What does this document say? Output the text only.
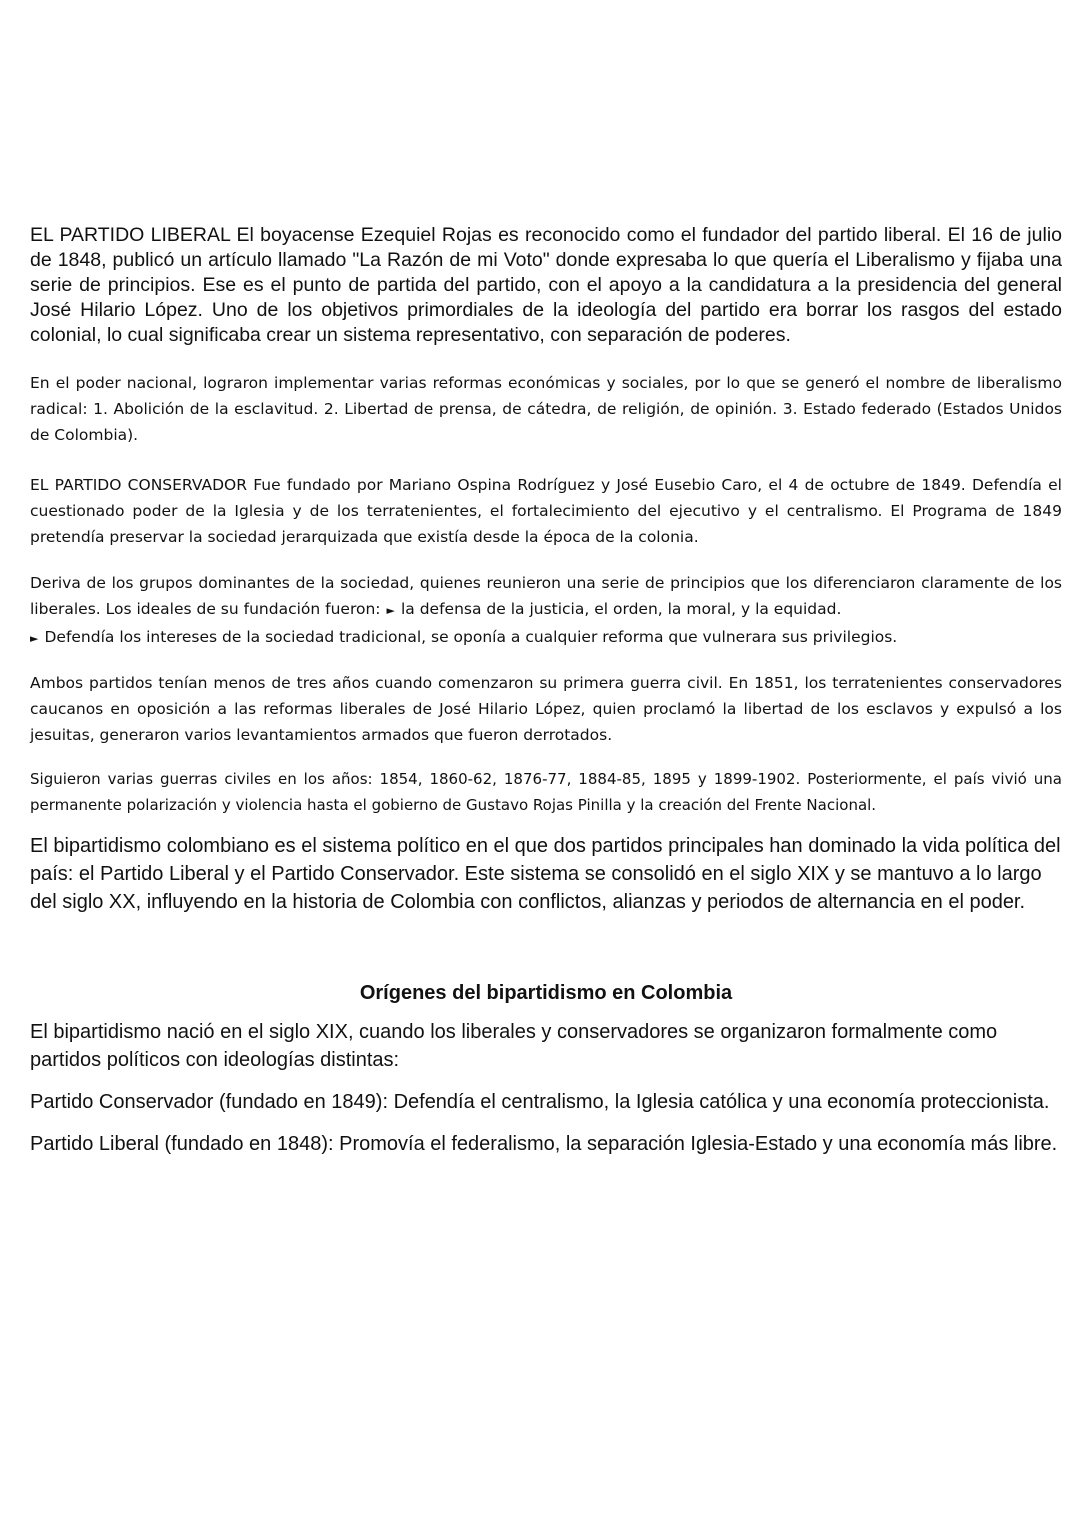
EL PARTIDO LIBERAL El boyacense Ezequiel Rojas es reconocido como el fundador del partido liberal. El 16 de julio de 1848, publicó un artículo llamado "La Razón de mi Voto" donde expresaba lo que quería el Liberalismo y fijaba una serie de principios. Ese es el punto de partida del partido, con el apoyo a la candidatura a la presidencia del general José Hilario López. Uno de los objetivos primordiales de la ideología del partido era borrar los rasgos del estado colonial, lo cual significaba crear un sistema representativo, con separación de poderes.

En el poder nacional, lograron implementar varias reformas económicas y sociales, por lo que se generó el nombre de liberalismo radical: 1. Abolición de la esclavitud. 2. Libertad de prensa, de cátedra, de religión, de opinión. 3. Estado federado (Estados Unidos de Colombia).

EL PARTIDO CONSERVADOR Fue fundado por Mariano Ospina Rodríguez y José Eusebio Caro, el 4 de octubre de 1849. Defendía el cuestionado poder de la Iglesia y de los terratenientes, el fortalecimiento del ejecutivo y el centralismo. El Programa de 1849 pretendía preservar la sociedad jerarquizada que existía desde la época de la colonia.

Deriva de los grupos dominantes de la sociedad, quienes reunieron una serie de principios que los diferenciaron claramente de los liberales. Los ideales de su fundación fueron: ► la defensa de la justicia, el orden, la moral, y la equidad.
► Defendía los intereses de la sociedad tradicional, se oponía a cualquier reforma que vulnerara sus privilegios.

Ambos partidos tenían menos de tres años cuando comenzaron su primera guerra civil. En 1851, los terratenientes conservadores caucanos en oposición a las reformas liberales de José Hilario López, quien proclamó la libertad de los esclavos y expulsó a los jesuitas, generaron varios levantamientos armados que fueron derrotados.

Siguieron varias guerras civiles en los años: 1854, 1860-62, 1876-77, 1884-85, 1895 y 1899-1902. Posteriormente, el país vivió una permanente polarización y violencia hasta el gobierno de Gustavo Rojas Pinilla y la creación del Frente Nacional.

El bipartidismo colombiano es el sistema político en el que dos partidos principales han dominado la vida política del país: el Partido Liberal y el Partido Conservador. Este sistema se consolidó en el siglo XIX y se mantuvo a lo largo del siglo XX, influyendo en la historia de Colombia con conflictos, alianzas y periodos de alternancia en el poder.

Orígenes del bipartidismo en Colombia

El bipartidismo nació en el siglo XIX, cuando los liberales y conservadores se organizaron formalmente como partidos políticos con ideologías distintas:

Partido Conservador (fundado en 1849): Defendía el centralismo, la Iglesia católica y una economía proteccionista.

Partido Liberal (fundado en 1848): Promovía el federalismo, la separación Iglesia-Estado y una economía más libre.
